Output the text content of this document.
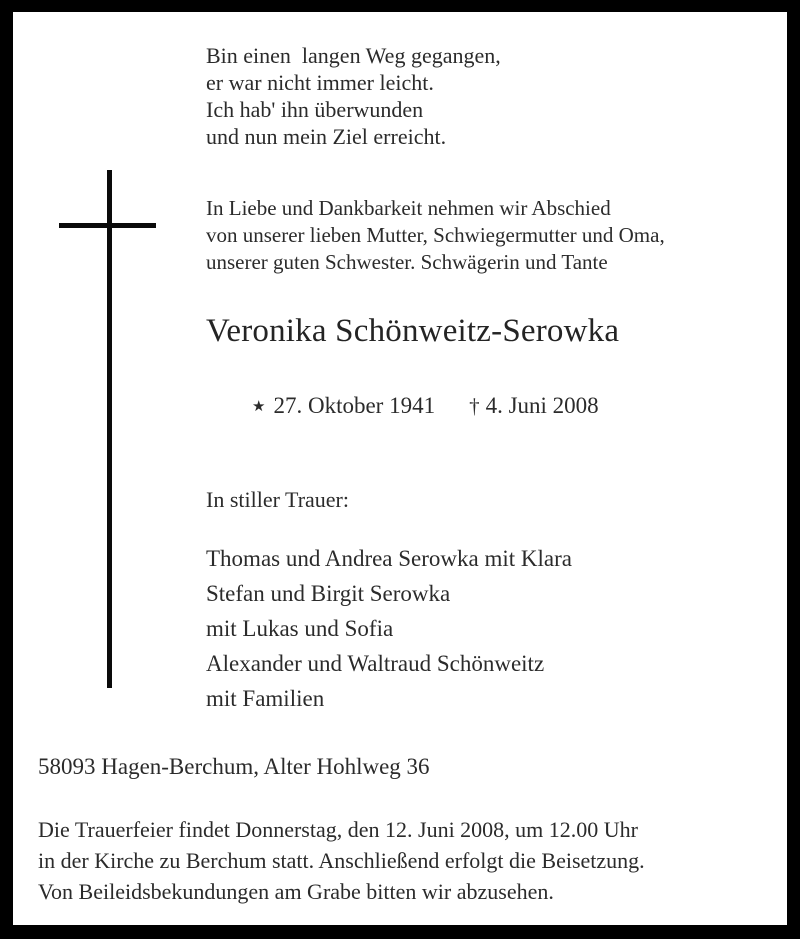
Bin einen  langen Weg gegangen,
er war nicht immer leicht.
Ich hab' ihn überwunden
und nun mein Ziel erreicht.
In Liebe und Dankbarkeit nehmen wir Abschied
von unserer lieben Mutter, Schwiegermutter und Oma,
unserer guten Schwester. Schwägerin und Tante
Veronika Schönweitz-Serowka

★ 27. Oktober 1941 † 4. Juni 2008

In stiller Trauer:
Thomas und Andrea Serowka mit Klara
Stefan und Birgit Serowka
mit Lukas und Sofia
Alexander und Waltraud Schönweitz
mit Familien
58093 Hagen-Berchum, Alter Hohlweg 36
Die Trauerfeier findet Donnerstag, den 12. Juni 2008, um 12.00 Uhr
in der Kirche zu Berchum statt. Anschließend erfolgt die Beisetzung.
Von Beileidsbekundungen am Grabe bitten wir abzusehen.
